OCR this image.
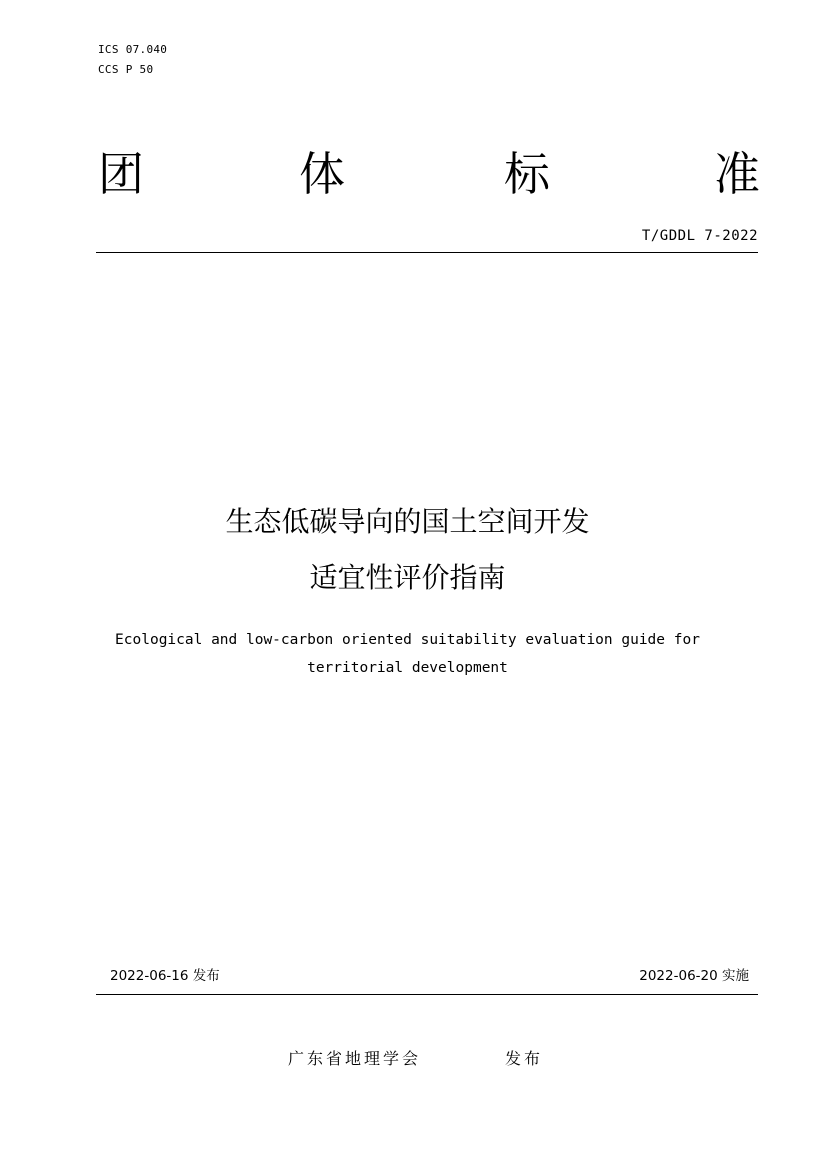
ICS 07.040
CCS P 50
团	体	标	准
T/GDDL 7-2022
生态低碳导向的国土空间开发
适宜性评价指南
Ecological and low-carbon oriented suitability evaluation guide for
territorial development
2022-06-16 发布	2022-06-20 实施
广东省地理学会	发布
